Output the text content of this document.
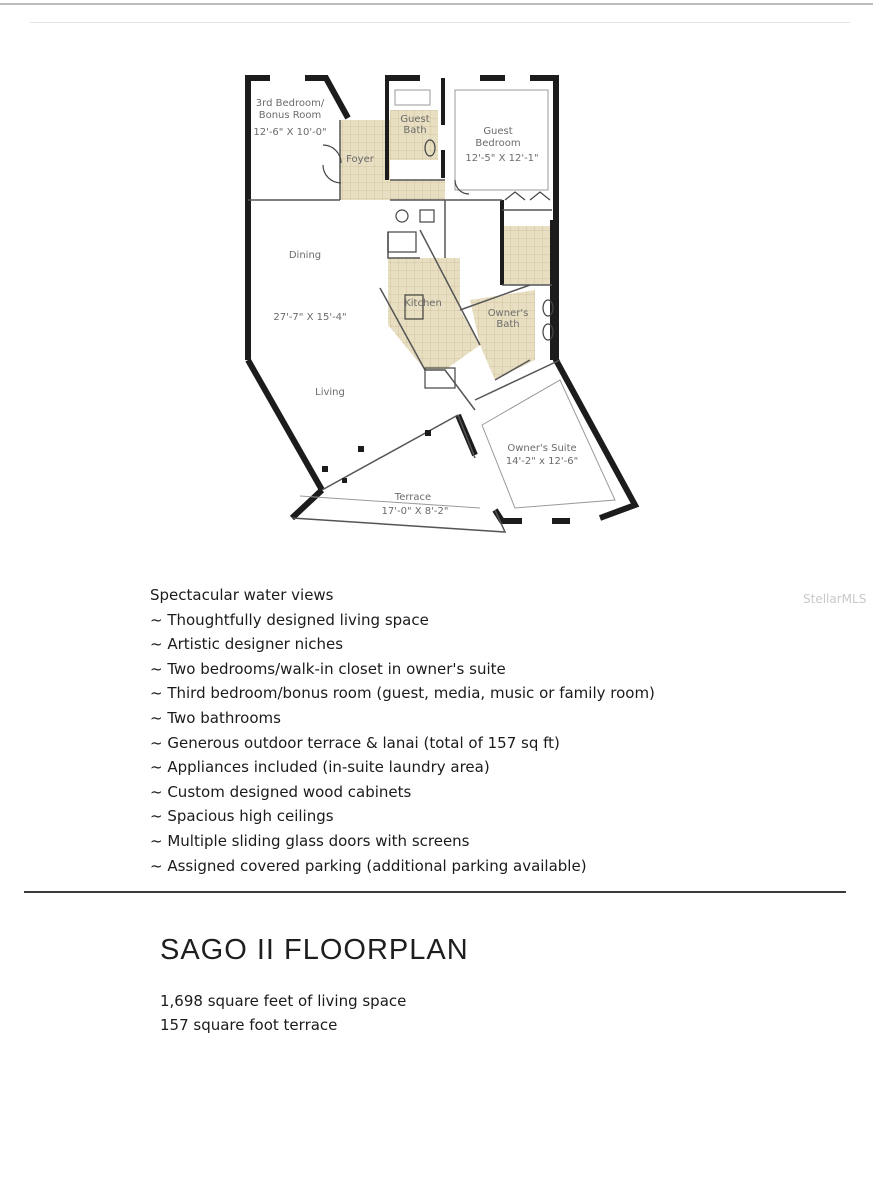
3rd Bedroom/
Bonus Room
12'-6" X 10'-0"
Foyer
Guest
Bath	Guest
Bedroom
12'-5" X 12'-1"
Dining
27'-7" X 15'-4"
Kitchen
Owner's
Bath
Living
Owner's Suite
14'-2" x 12'-6"
Terrace
17'-0" X 8'-2"
Spectacular water views
~ Thoughtfully designed living space
~ Artistic designer niches
~ Two bedrooms/walk-in closet in owner's suite
~ Third bedroom/bonus room (guest, media, music or family room)
~ Two bathrooms
~ Generous outdoor terrace & lanai (total of 157 sq ft)
~ Appliances included (in-suite laundry area)
~ Custom designed wood cabinets
~ Spacious high ceilings
~ Multiple sliding glass doors with screens
~ Assigned covered parking (additional parking available)
StellarMLS
SAGO II FLOORPLAN
1,698 square feet of living space
157 square foot terrace
